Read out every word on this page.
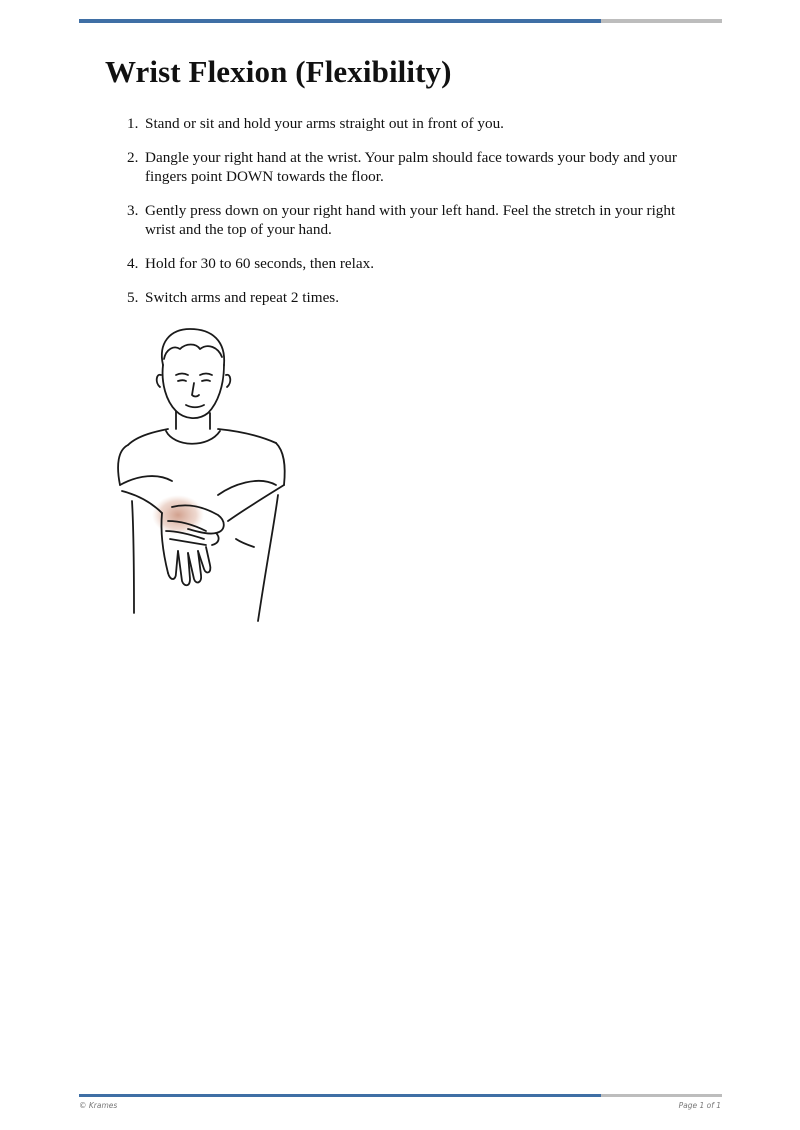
Wrist Flexion (Flexibility)
1. Stand or sit and hold your arms straight out in front of you.
2. Dangle your right hand at the wrist. Your palm should face towards your body and your fingers point DOWN towards the floor.
3. Gently press down on your right hand with your left hand. Feel the stretch in your right wrist and the top of your hand.
4. Hold for 30 to 60 seconds, then relax.
5. Switch arms and repeat 2 times.
© Krames	Page 1 of 1
